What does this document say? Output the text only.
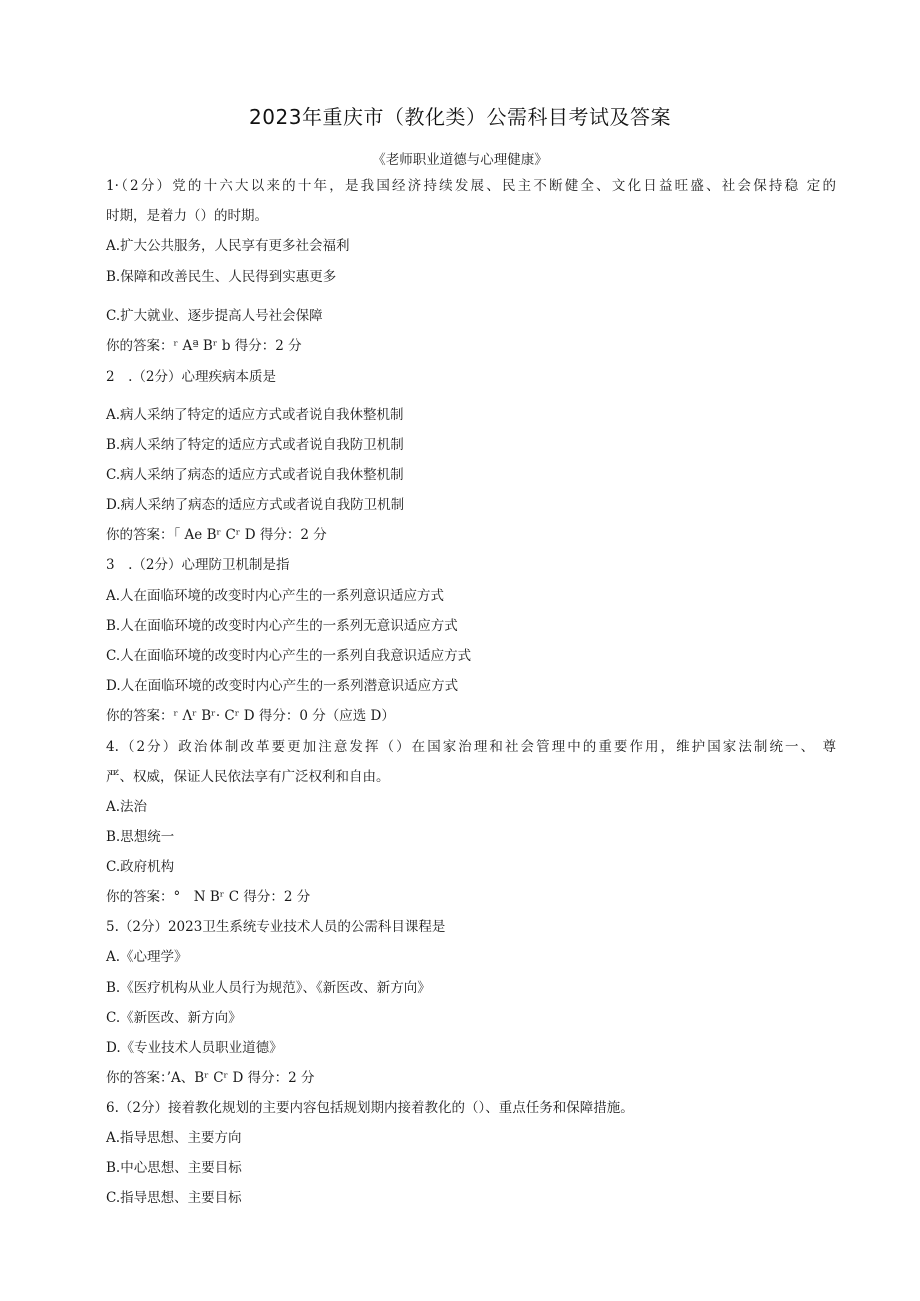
2023年重庆市（教化类）公需科目考试及答案
《老师职业道德与心理健康》
1·（2分）党的十六大以来的十年，是我国经济持续发展、民主不断健全、文化日益旺盛、社会保持稳 定的
时期，是着力（）的时期。
A.扩大公共服务，人民享有更多社会福利
B.保障和改善民生、人民得到实惠更多
C.扩大就业、逐步提高人号社会保障
你的答案：ʳ Aª Bʳ b 得分：2 分
2　.（2分）心理疾病本质是
A.病人采纳了特定的适应方式或者说自我休整机制
B.病人采纳了特定的适应方式或者说自我防卫机制
C.病人采纳了病态的适应方式或者说自我休整机制
D.病人采纳了病态的适应方式或者说自我防卫机制
你的答案：「 Ae Bʳ Cʳ D 得分：2 分
3　.（2分）心理防卫机制是指
A.人在面临环境的改变时内心产生的一系列意识适应方式
B.人在面临环境的改变时内心产生的一系列无意识适应方式
C.人在面临环境的改变时内心产生的一系列自我意识适应方式
D.人在面临环境的改变时内心产生的一系列潜意识适应方式
你的答案：ʳ Λʳ Bʳ· Cʳ D 得分：0 分（应选 D）
4.（2分）政治体制改革要更加注意发挥（）在国家治理和社会管理中的重要作用，维护国家法制统一、 尊
严、权威，保证人民依法享有广泛权利和自由。
A.法治
B.思想统一
C.政府机构
你的答案：°　N Bʳ C 得分：2 分
5.（2分）2023卫生系统专业技术人员的公需科目课程是
A.《心理学》
B.《医疗机构从业人员行为规范》、《新医改、新方向》
C.《新医改、新方向》
D.《专业技术人员职业道德》
你的答案：’A、Bʳ Cʳ D 得分：2 分
6.（2分）接着教化规划的主要内容包括规划期内接着教化的（）、重点任务和保障措施。
A.指导思想、主要方向
B.中心思想、主要目标
C.指导思想、主要目标
